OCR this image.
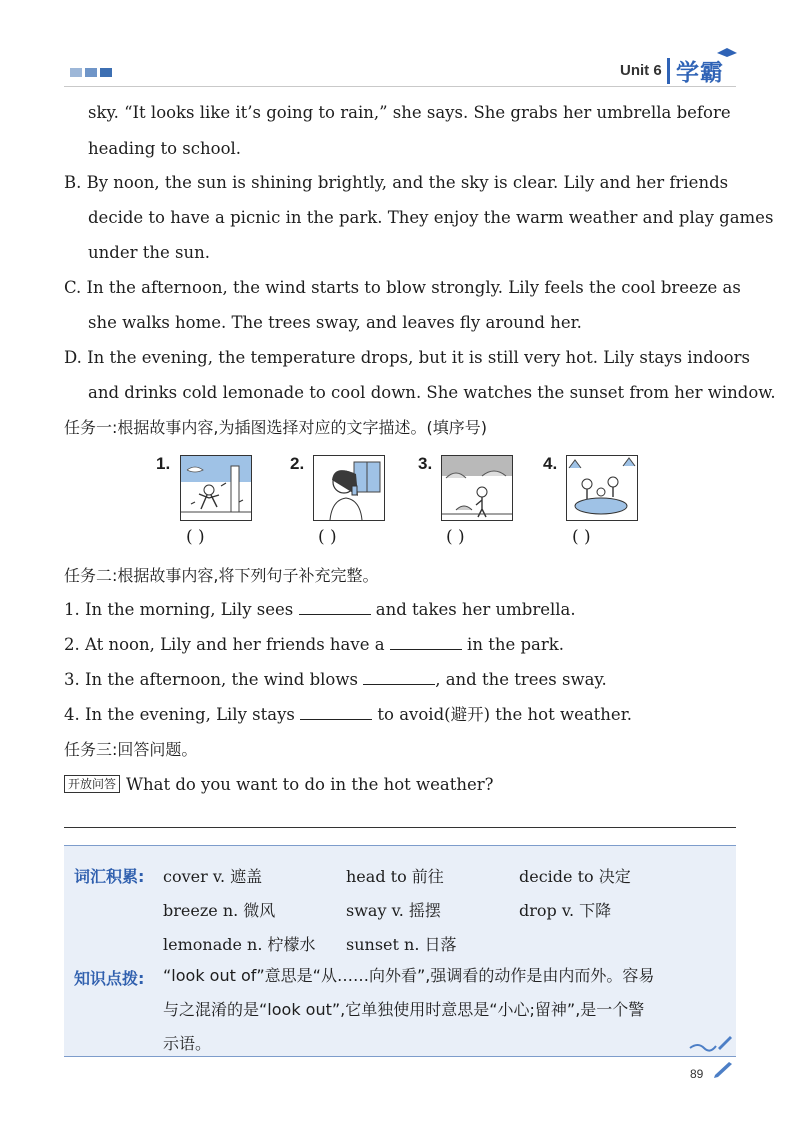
Unit 6 学霸
sky. “It looks like it’s going to rain,” she says. She grabs her umbrella before
heading to school.
B. By noon, the sun is shining brightly, and the sky is clear. Lily and her friends
decide to have a picnic in the park. They enjoy the warm weather and play games
under the sun.
C. In the afternoon, the wind starts to blow strongly. Lily feels the cool breeze as
she walks home. The trees sway, and leaves fly around her.
D. In the evening, the temperature drops, but it is still very hot. Lily stays indoors
and drinks cold lemonade to cool down. She watches the sunset from her window.
任务一:根据故事内容,为插图选择对应的文字描述。(填序号)
1.
( )
2.
( )
3.
( )
4.
( )
任务二:根据故事内容,将下列句子补充完整。
1. In the morning, Lily sees	and takes her umbrella.
2. At noon, Lily and her friends have a	in the park.
3. In the afternoon, the wind blows	, and the trees sway.
4. In the evening, Lily stays	to avoid(避开) the hot weather.
任务三:回答问题。
开放问答 What do you want to do in the hot weather?
词汇积累: cover v. 遮盖	head to 前往	decide to 决定
breeze n. 微风	sway v. 摇摆	drop v. 下降
lemonade n. 柠檬水 sunset n. 日落
知识点拨: “look out of”意思是“从……向外看”,强调看的动作是由内而外。容易
与之混淆的是“look out”,它单独使用时意思是“小心;留神”,是一个警
示语。
89
